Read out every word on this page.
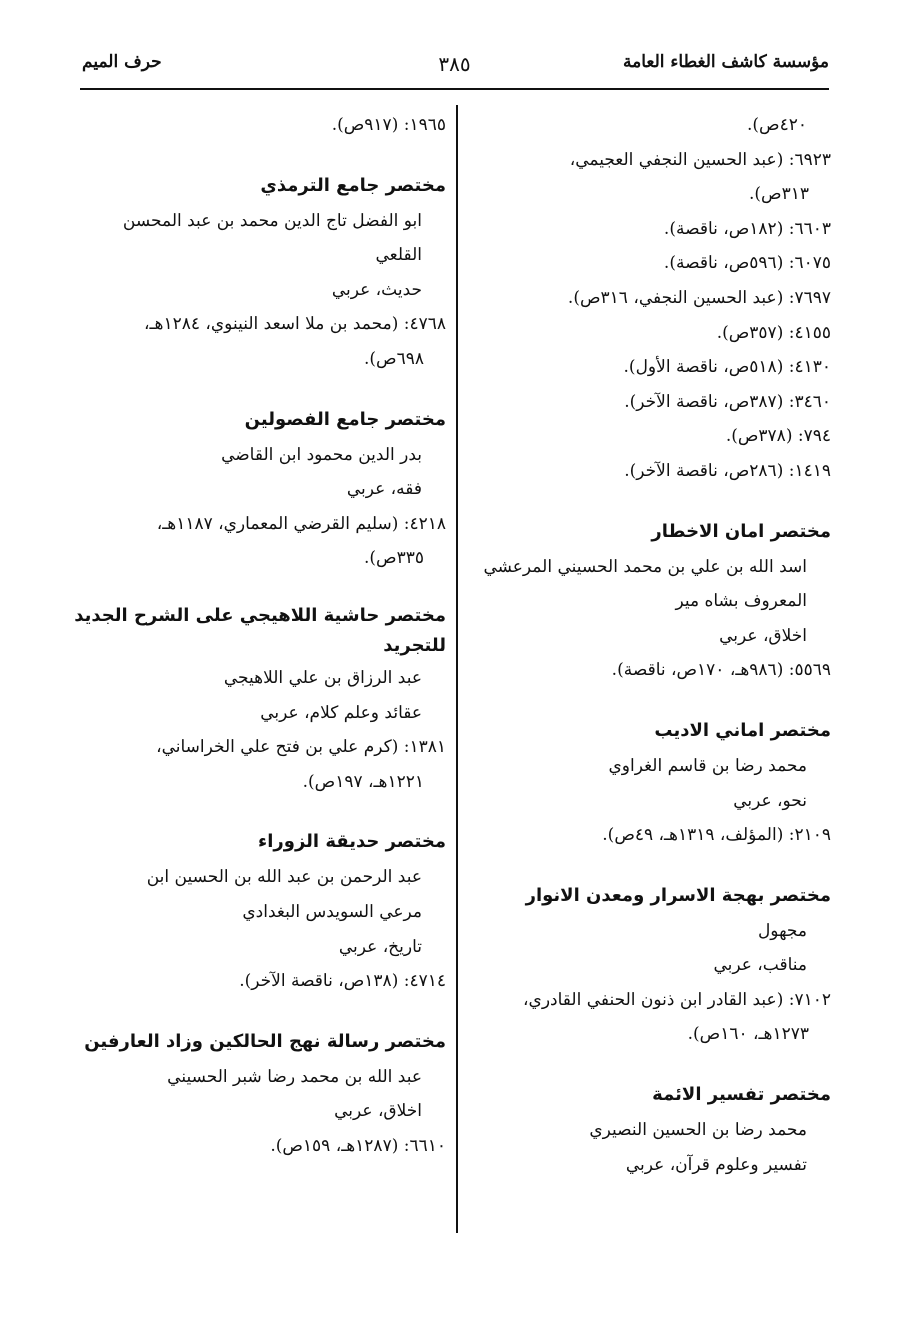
مؤسسة كاشف الغطاء العامة
٣٨٥
حرف الميم
٤٢٠ص).
٦٩٢٣: (عبد الحسين النجفي العجيمي،
٣١٣ص).
٦٦٠٣: (١٨٢ص، ناقصة).
٦٠٧٥: (٥٩٦ص، ناقصة).
٧٦٩٧: (عبد الحسين النجفي، ٣١٦ص).
٤١٥٥: (٣٥٧ص).
٤١٣٠: (٥١٨ص، ناقصة الأول).
٣٤٦٠: (٣٨٧ص، ناقصة الآخر).
٧٩٤: (٣٧٨ص).
١٤١٩: (٢٨٦ص، ناقصة الآخر).
مختصر امان الاخطار
اسد الله بن علي بن محمد الحسيني المرعشي
المعروف بشاه مير
اخلاق، عربي
٥٥٦٩: (٩٨٦هـ، ١٧٠ص، ناقصة).
مختصر اماني الاديب
محمد رضا بن قاسم الغراوي
نحو، عربي
٢١٠٩: (المؤلف، ١٣١٩هـ، ٤٩ص).
مختصر بهجة الاسرار ومعدن الانوار
مجهول
مناقب، عربي
٧١٠٢: (عبد القادر ابن ذنون الحنفي القادري،
١٢٧٣هـ، ١٦٠ص).
مختصر تفسير الائمة
محمد رضا بن الحسين النصيري
تفسير وعلوم قرآن، عربي
١٩٦٥: (٩١٧ص).
مختصر جامع الترمذي
ابو الفضل تاج الدين محمد بن عبد المحسن
القلعي
حديث، عربي
٤٧٦٨: (محمد بن ملا اسعد النينوي، ١٢٨٤هـ،
٦٩٨ص).
مختصر جامع الفصولين
بدر الدين محمود ابن القاضي
فقه، عربي
٤٢١٨: (سليم القرضي المعماري، ١١٨٧هـ،
٣٣٥ص).
مختصر حاشية اللاهيجي على الشرح الجديد للتجريد
عبد الرزاق بن علي اللاهيجي
عقائد وعلم كلام، عربي
١٣٨١: (كرم علي بن فتح علي الخراساني،
١٢٢١هـ، ١٩٧ص).
مختصر حديقة الزوراء
عبد الرحمن بن عبد الله بن الحسين ابن
مرعي السويدس البغدادي
تاريخ، عربي
٤٧١٤: (١٣٨ص، ناقصة الآخر).
مختصر رسالة نهج الحالكين وزاد العارفين
عبد الله بن محمد رضا شبر الحسيني
اخلاق، عربي
٦٦١٠: (١٢٨٧هـ، ١٥٩ص).
